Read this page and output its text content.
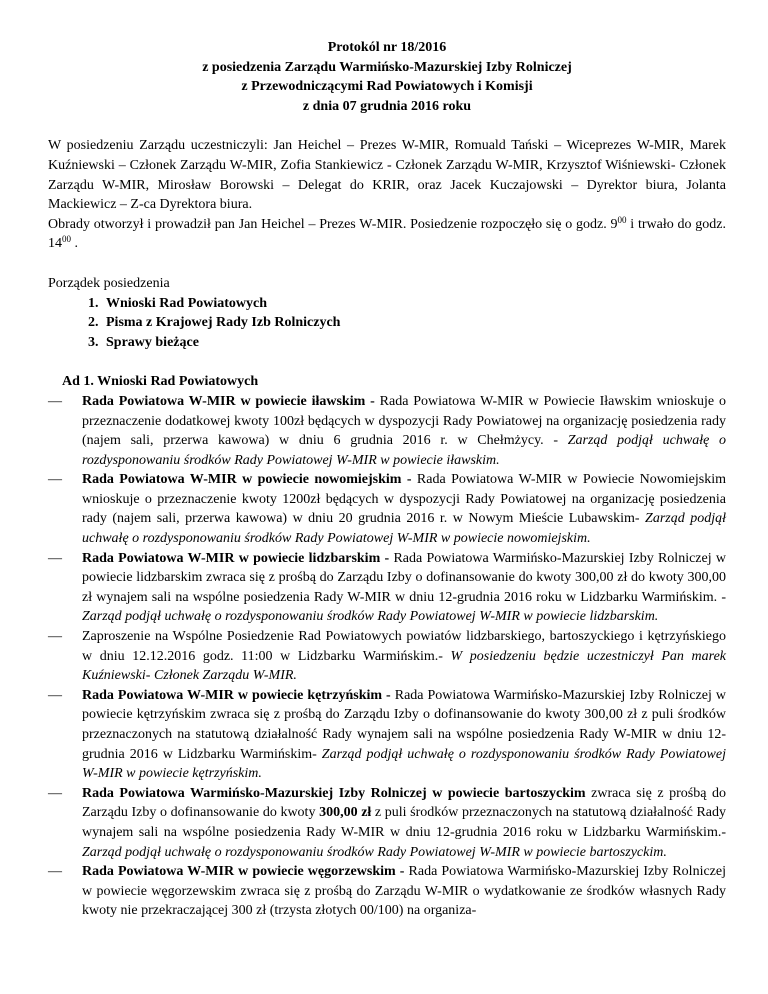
Protokól nr 18/2016
z posiedzenia Zarządu Warmińsko-Mazurskiej Izby Rolniczej
z Przewodniczącymi Rad Powiatowych i Komisji
z dnia 07 grudnia 2016 roku
W posiedzeniu Zarządu uczestniczyli: Jan Heichel – Prezes W-MIR, Romuald Tański – Wiceprezes W-MIR, Marek Kuźniewski – Członek Zarządu W-MIR, Zofia Stankiewicz - Członek Zarządu W-MIR, Krzysztof Wiśniewski- Członek Zarządu W-MIR, Mirosław Borowski – Delegat do KRIR, oraz Jacek Kuczajowski – Dyrektor biura, Jolanta Mackiewicz – Z-ca Dyrektora biura.
Obrady otworzył i prowadził pan Jan Heichel – Prezes W-MIR. Posiedzenie rozpoczęło się o godz. $9^{00}$ i trwało do godz. $14^{00}$ .
Porządek posiedzenia
1. Wnioski Rad Powiatowych
2. Pisma z Krajowej Rady Izb Rolniczych
3. Sprawy bieżące
Ad 1. Wnioski Rad Powiatowych
— Rada Powiatowa W-MIR w powiecie iławskim - Rada Powiatowa W-MIR w Powiecie Iławskim wnioskuje o przeznaczenie dodatkowej kwoty 100zł będących w dyspozycji Rady Powiatowej na organizację posiedzenia rady (najem sali, przerwa kawowa) w dniu 6 grudnia 2016 r. w Chełmżycy. - Zarząd podjął uchwałę o rozdysponowaniu środków Rady Powiatowej W-MIR w powiecie iławskim.
— Rada Powiatowa W-MIR w powiecie nowomiejskim - Rada Powiatowa W-MIR w Powiecie Nowomiejskim wnioskuje o przeznaczenie kwoty 1200zł będących w dyspozycji Rady Powiatowej na organizację posiedzenia rady (najem sali, przerwa kawowa) w dniu 20 grudnia 2016 r. w Nowym Mieście Lubawskim- Zarząd podjął uchwałę o rozdysponowaniu środków Rady Powiatowej W-MIR w powiecie nowomiejskim.
— Rada Powiatowa W-MIR w powiecie lidzbarskim - Rada Powiatowa Warmińsko-Mazurskiej Izby Rolniczej w powiecie lidzbarskim zwraca się z prośbą do Zarządu Izby o dofinansowanie do kwoty 300,00 zł do kwoty 300,00 zł wynajem sali na wspólne posiedzenia Rady W-MIR w dniu 12-grudnia 2016 roku w Lidzbarku Warmińskim. - Zarząd podjął uchwałę o rozdysponowaniu środków Rady Powiatowej W-MIR w powiecie lidzbarskim.
— Zaproszenie na Wspólne Posiedzenie Rad Powiatowych powiatów lidzbarskiego, bartoszyckiego i kętrzyńskiego w dniu 12.12.2016 godz. 11:00 w Lidzbarku Warmińskim.- W posiedzeniu będzie uczestniczył Pan marek Kuźniewski- Członek Zarządu W-MIR.
— Rada Powiatowa W-MIR w powiecie kętrzyńskim - Rada Powiatowa Warmińsko-Mazurskiej Izby Rolniczej w powiecie kętrzyńskim zwraca się z prośbą do Zarządu Izby o dofinansowanie do kwoty 300,00 zł z puli środków przeznaczonych na statutową działalność Rady wynajem sali na wspólne posiedzenia Rady W-MIR w dniu 12-grudnia 2016 w Lidzbarku Warmińskim- Zarząd podjął uchwałę o rozdysponowaniu środków Rady Powiatowej W-MIR w powiecie kętrzyńskim.
— Rada Powiatowa Warmińsko-Mazurskiej Izby Rolniczej w powiecie bartoszyckim zwraca się z prośbą do Zarządu Izby o dofinansowanie do kwoty 300,00 zł z puli środków przeznaczonych na statutową działalność Rady wynajem sali na wspólne posiedzenia Rady W-MIR w dniu 12-grudnia 2016 roku w Lidzbarku Warmińskim.- Zarząd podjął uchwałę o rozdysponowaniu środków Rady Powiatowej W-MIR w powiecie bartoszyckim.
— Rada Powiatowa W-MIR w powiecie węgorzewskim - Rada Powiatowa Warmińsko-Mazurskiej Izby Rolniczej w powiecie węgorzewskim zwraca się z prośbą do Zarządu W-MIR o wydatkowanie ze środków własnych Rady kwoty nie przekraczającej 300 zł (trzysta złotych 00/100) na organiza-
